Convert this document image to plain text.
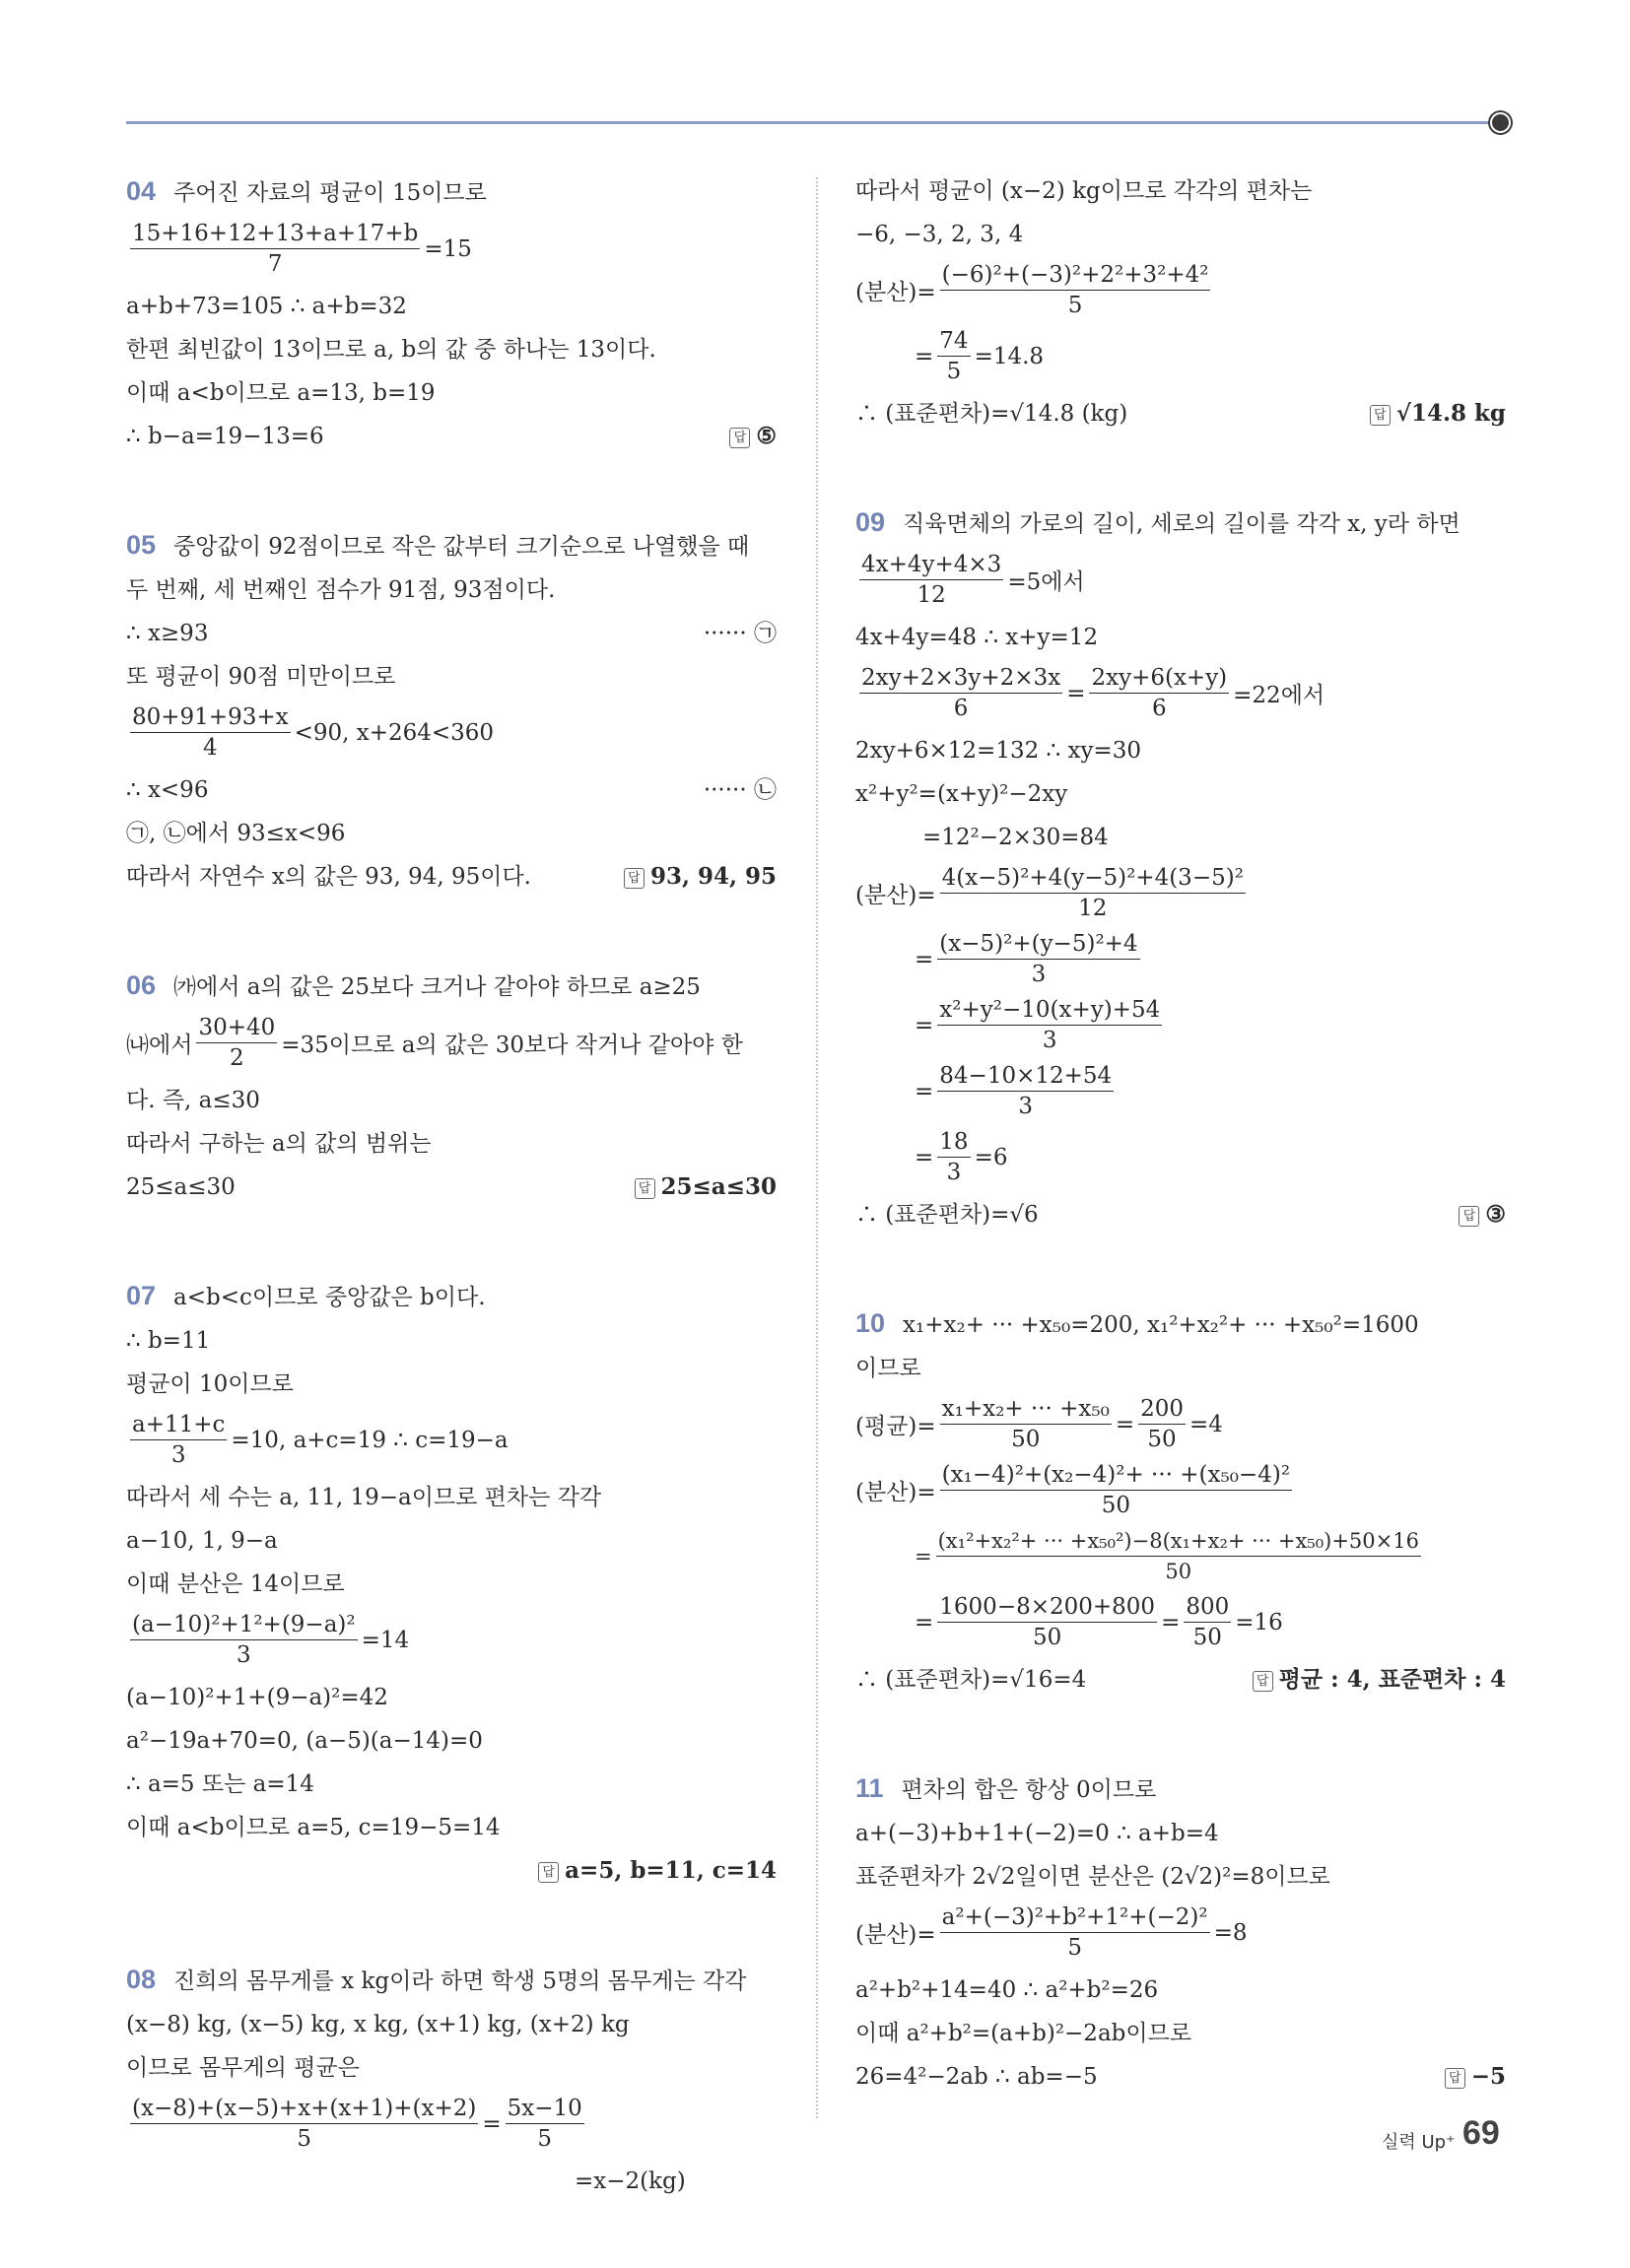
04 주어진 자료의 평균이 15이므로
$\frac{15+16+12+13+a+17+b}{7} =15$
a+b+73=105 ∴ a+b=32
한편 최빈값이 13이므로 a, b의 값 중 하나는 13이다.
이때 a<b이므로 a=13, b=19
∴ b−a=19−13=6	답 ⑤
05 중앙값이 92점이므로 작은 값부터 크기순으로 나열했을 때
두 번째, 세 번째인 점수가 91점, 93점이다.
∴ x≥93	······ ㉠
또 평균이 90점 미만이므로
$\frac{80+91+93+x}{4} <90$, x+264<360
∴ x<96	······ ㉡
㉠, ㉡에서 93≤x<96
따라서 자연수 x의 값은 93, 94, 95이다.	답 93, 94, 95
06 ㈎에서 a의 값은 25보다 크거나 같아야 하므로 a≥25
㈏에서 $\frac{30+40}{2} =35$이므로 a의 값은 30보다 작거나 같아야 한
다. 즉, a≤30
따라서 구하는 a의 값의 범위는
25≤a≤30	답 25≤a≤30
07 a<b<c이므로 중앙값은 b이다.
∴ b=11
평균이 10이므로
$\frac{a+11+c}{3} =10$, a+c=19 ∴ c=19−a
따라서 세 수는 a, 11, 19−a이므로 편차는 각각
a−10, 1, 9−a
이때 분산은 14이므로
$\frac{\text{(a−10)²+1²+(9−a)²}}{3} =14$
(a−10)²+1+(9−a)²=42
a²−19a+70=0, (a−5)(a−14)=0
∴ a=5 또는 a=14
이때 a<b이므로 a=5, c=19−5=14
답 a=5, b=11, c=14
08 진희의 몸무게를 x kg이라 하면 학생 5명의 몸무게는 각각
(x−8) kg, (x−5) kg, x kg, (x+1) kg, (x+2) kg
이므로 몸무게의 평균은
$\frac{(x-8)+(x-5)+x+(x+1)+(x+2)}{5} = \frac{5x-10}{5}$
=x−2(kg)
따라서 평균이 (x−2) kg이므로 각각의 편차는
−6, −3, 2, 3, 4
(분산)= $\frac{\text{(−6)²+(−3)²+2²+3²+4²}}{5}$
= $\frac{74}{5} =14.8$
∴ (표준편차)=√14.8 (kg)	답 √14.8 kg
09 직육면체의 가로의 길이, 세로의 길이를 각각 x, y라 하면
$\frac{4x+4y+4\times 3}{12} =5$에서
4x+4y=48 ∴ x+y=12
$\frac{2xy+2\times 3y+2\times 3x}{6} = \frac{2xy+6(x+y)}{6} =22$에서
2xy+6×12=132 ∴ xy=30
x²+y²=(x+y)²−2xy
=12²−2×30=84
(분산)= $\frac{\text{4(x−5)²+4(y−5)²+4(3−5)²}}{12}$
= $\frac{\text{(x−5)²+(y−5)²+4}}{3}$
= $\frac{\text{x²+y²−10(x+y)+54}}{3}$
= $\frac{84-10\times 12+54}{3}$
= $\frac{18}{3} =6$
∴ (표준편차)=√6	답 ③
10 x₁+x₂+ ··· +x₅₀=200, x₁²+x₂²+ ··· +x₅₀²=1600
이므로
(평균)= $\frac{\text{x₁+x₂+ ··· +x₅₀}}{50} = \frac{200}{50} =4$
(분산)= $\frac{\text{(x₁−4)²+(x₂−4)²+ ··· +(x₅₀−4)²}}{50}$
= $\frac{\text{(x₁²+x₂²+ ··· +x₅₀²)−8(x₁+x₂+ ··· +x₅₀)+50×16}}{50}$
= $\frac{1600-8\times 200+800}{50} = \frac{800}{50} =16$
∴ (표준편차)=√16=4	답 평균 : 4, 표준편차 : 4
11 편차의 합은 항상 0이므로
a+(−3)+b+1+(−2)=0 ∴ a+b=4
표준편차가 2√2일이면 분산은 (2√2)²=8이므로
(분산)= $\frac{\text{a²+(−3)²+b²+1²+(−2)²}}{5} =8$
a²+b²+14=40 ∴ a²+b²=26
이때 a²+b²=(a+b)²−2ab이므로
26=4²−2ab ∴ ab=−5	답 −5
실력 Up⁺ 69
